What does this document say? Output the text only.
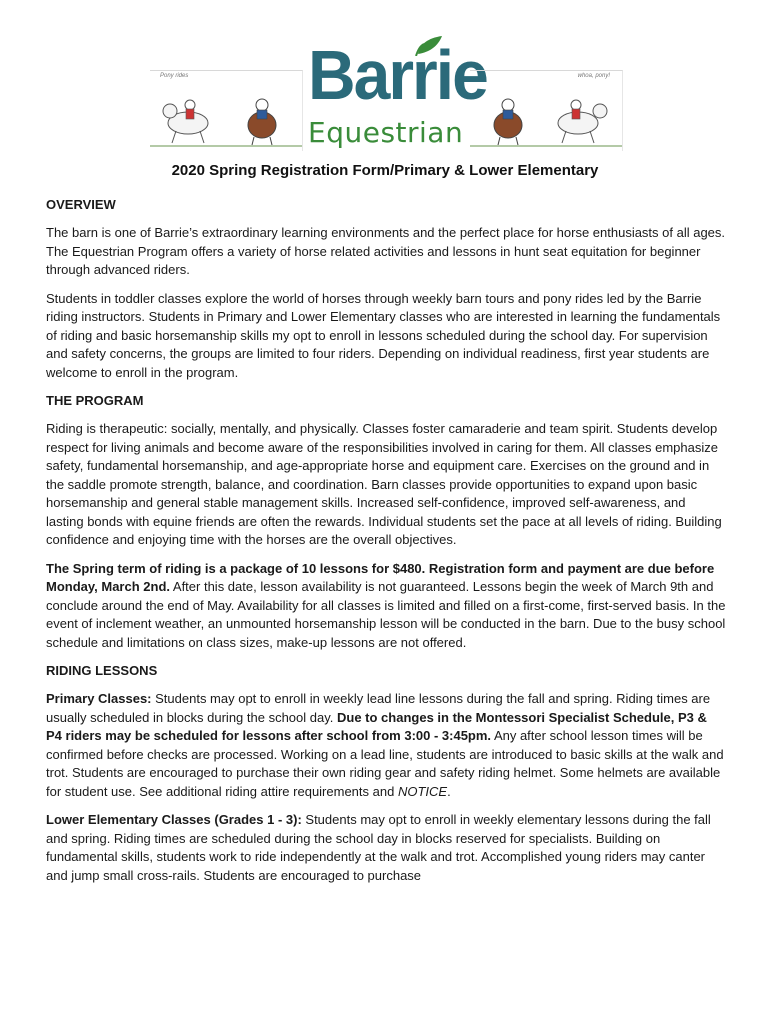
Pony rides Barrie
Equestrian
whoa, pony!
2020 Spring Registration Form/Primary & Lower Elementary
OVERVIEW

The barn is one of Barrie’s extraordinary learning environments and the perfect place for horse enthusiasts of all ages. The Equestrian Program offers a variety of horse related activities and lessons in hunt seat equitation for beginner through advanced riders.

Students in toddler classes explore the world of horses through weekly barn tours and pony rides led by the Barrie riding instructors. Students in Primary and Lower Elementary classes who are interested in learning the fundamentals of riding and basic horsemanship skills my opt to enroll in lessons scheduled during the school day. For supervision and safety concerns, the groups are limited to four riders. Depending on individual readiness, first year students are welcome to enroll in the program.

THE PROGRAM

Riding is therapeutic: socially, mentally, and physically. Classes foster camaraderie and team spirit. Students develop respect for living animals and become aware of the responsibilities involved in caring for them. All classes emphasize safety, fundamental horsemanship, and age-appropriate horse and equipment care. Exercises on the ground and in the saddle promote strength, balance, and coordination. Barn classes provide opportunities to expand upon basic horsemanship and general stable management skills. Increased self-confidence, improved self-awareness, and lasting bonds with equine friends are often the rewards. Individual students set the pace at all levels of riding. Building confidence and enjoying time with the horses are the overall objectives.

The Spring term of riding is a package of 10 lessons for $480. Registration form and payment are due before Monday, March 2nd. After this date, lesson availability is not guaranteed. Lessons begin the week of March 9th and conclude around the end of May. Availability for all classes is limited and filled on a first-come, first-served basis. In the event of inclement weather, an unmounted horsemanship lesson will be conducted in the barn. Due to the busy school schedule and limitations on class sizes, make-up lessons are not offered.

RIDING LESSONS

Primary Classes: Students may opt to enroll in weekly lead line lessons during the fall and spring. Riding times are usually scheduled in blocks during the school day. Due to changes in the Montessori Specialist Schedule, P3 & P4 riders may be scheduled for lessons after school from 3:00 - 3:45pm. Any after school lesson times will be confirmed before checks are processed. Working on a lead line, students are introduced to basic skills at the walk and trot. Students are encouraged to purchase their own riding gear and safety riding helmet. Some helmets are available for student use. See additional riding attire requirements and NOTICE.

Lower Elementary Classes (Grades 1 - 3): Students may opt to enroll in weekly elementary lessons during the fall and spring. Riding times are scheduled during the school day in blocks reserved for specialists. Building on fundamental skills, students work to ride independently at the walk and trot. Accomplished young riders may canter and jump small cross-rails. Students are encouraged to purchase
